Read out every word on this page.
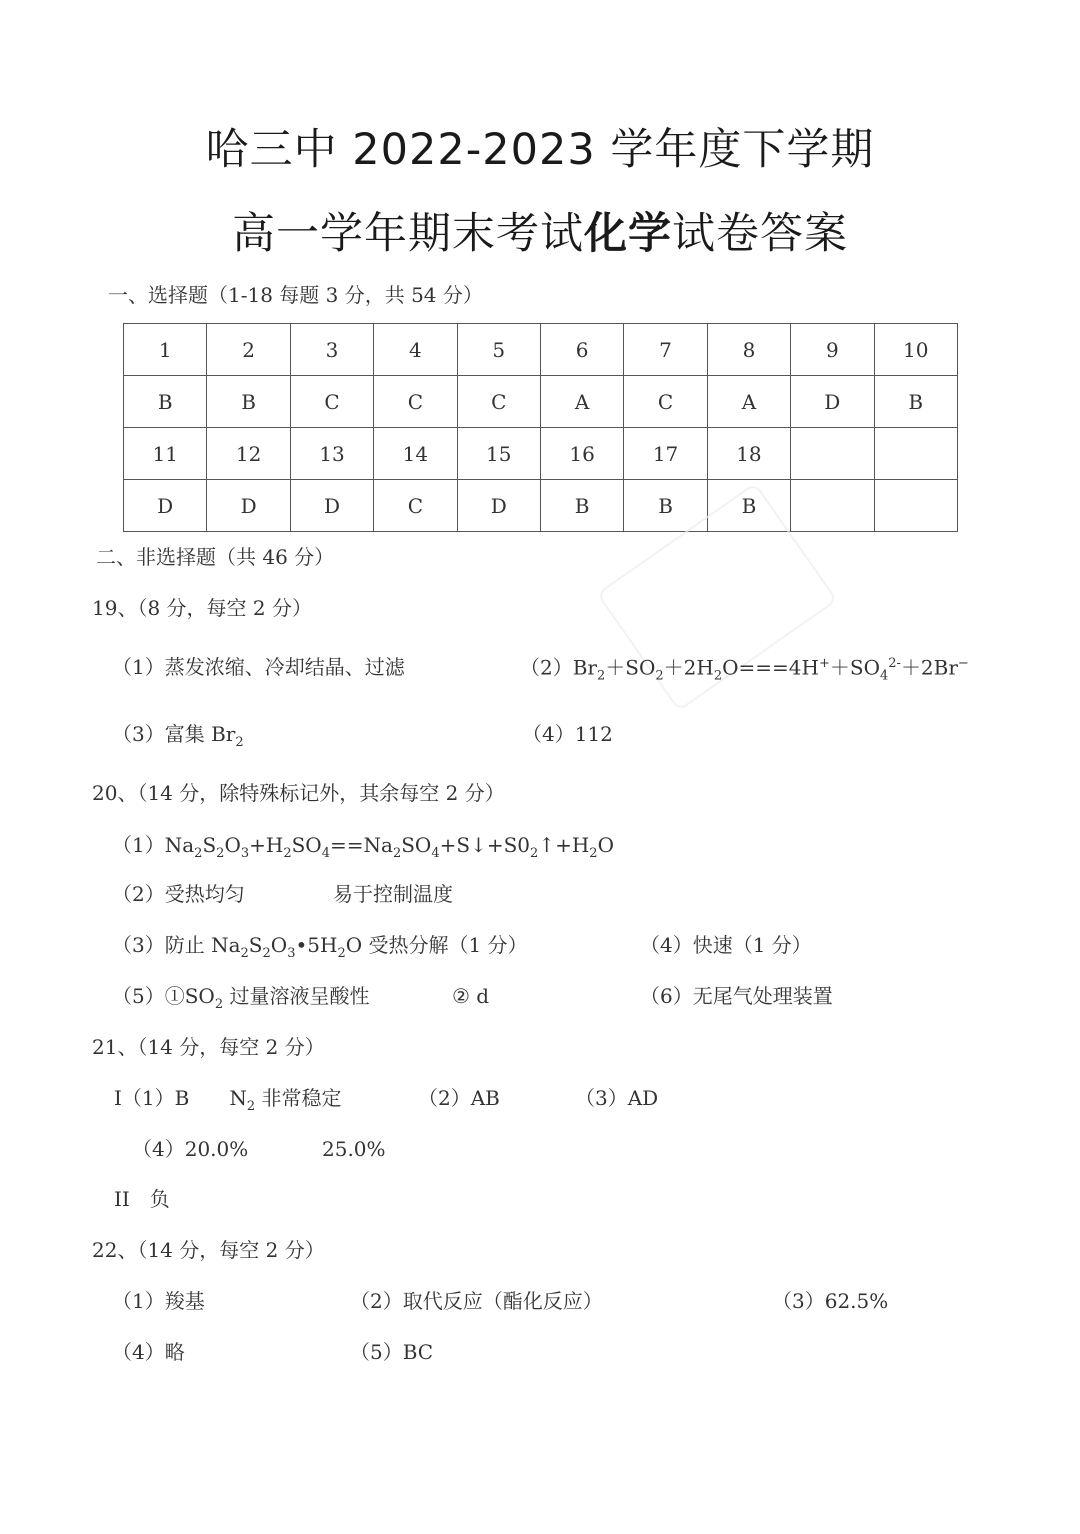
哈三中 2022-2023 学年度下学期
高一学年期末考试化学试卷答案
一、选择题（1-18 每题 3 分，共 54 分）
1	2	3	4	5	6	7	8	9	10
B	B	C	C	C	A	C	A	D	B
11	12	13	14	15	16	17	18		
D	D	D	C	D	B	B	B		
二、非选择题（共 46 分）
19、（8 分，每空 2 分）
（1）蒸发浓缩、冷却结晶、过滤	$(2)Br_2+SO_2+2H_2O===4H^++SO_4^{2-}+2Br^-$
（3）富集 $Br_2$	（4）112
20、（14 分，除特殊标记外，其余每空 2 分）
$(1)Na_2S_2O_3+H_2SO_4==Na_2SO_4+S↓+S0_2↑+H_2O$
（2）受热均匀	易于控制温度
（3）防止 $Na_2S_2O_3•5H_2O$ 受热分解（1 分）	（4）快速（1 分）
$(5)①SO_2$ 过量溶液呈酸性	② d	（6）无尾气处理装置
21、（14 分，每空 2 分）
I（1）B　　 $N_2$ 非常稳定	（2）AB	（3）AD
（4）20.0%	25.0%
II　负
22、（14 分，每空 2 分）
（1）羧基	（2）取代反应（酯化反应）	（3）62.5%
（4）略	（5）BC
